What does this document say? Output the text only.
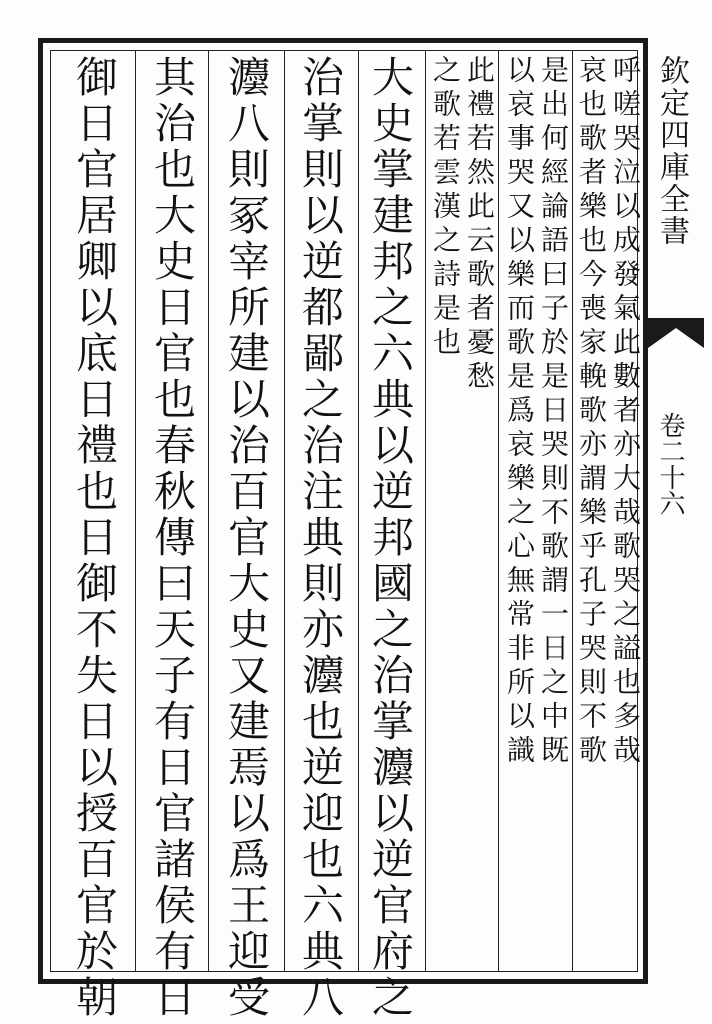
欽定四庫全書
卷二十六
呼嗟哭泣以成發氣此數者亦大哉歌哭之謚也多哉
哀也歌者樂也今喪家輓歌亦謂樂乎孔子哭則不歌
是出何經論語曰子於是日哭則不歌謂一日之中既
以哀事哭又以樂而歌是爲哀樂之心無常非所以識
此禮若然此云歌者憂愁
之歌若雲漢之詩是也
大史掌建邦之六典以逆邦國之治掌灋以逆官府之
治掌則以逆都鄙之治注典則亦灋也逆迎也六典八
灋八則冢宰所建以治百官大史又建焉以爲王迎受
其治也大史日官也春秋傳曰天子有日官諸侯有日
御日官居卿以底日禮也日御不失日以授百官於朝
